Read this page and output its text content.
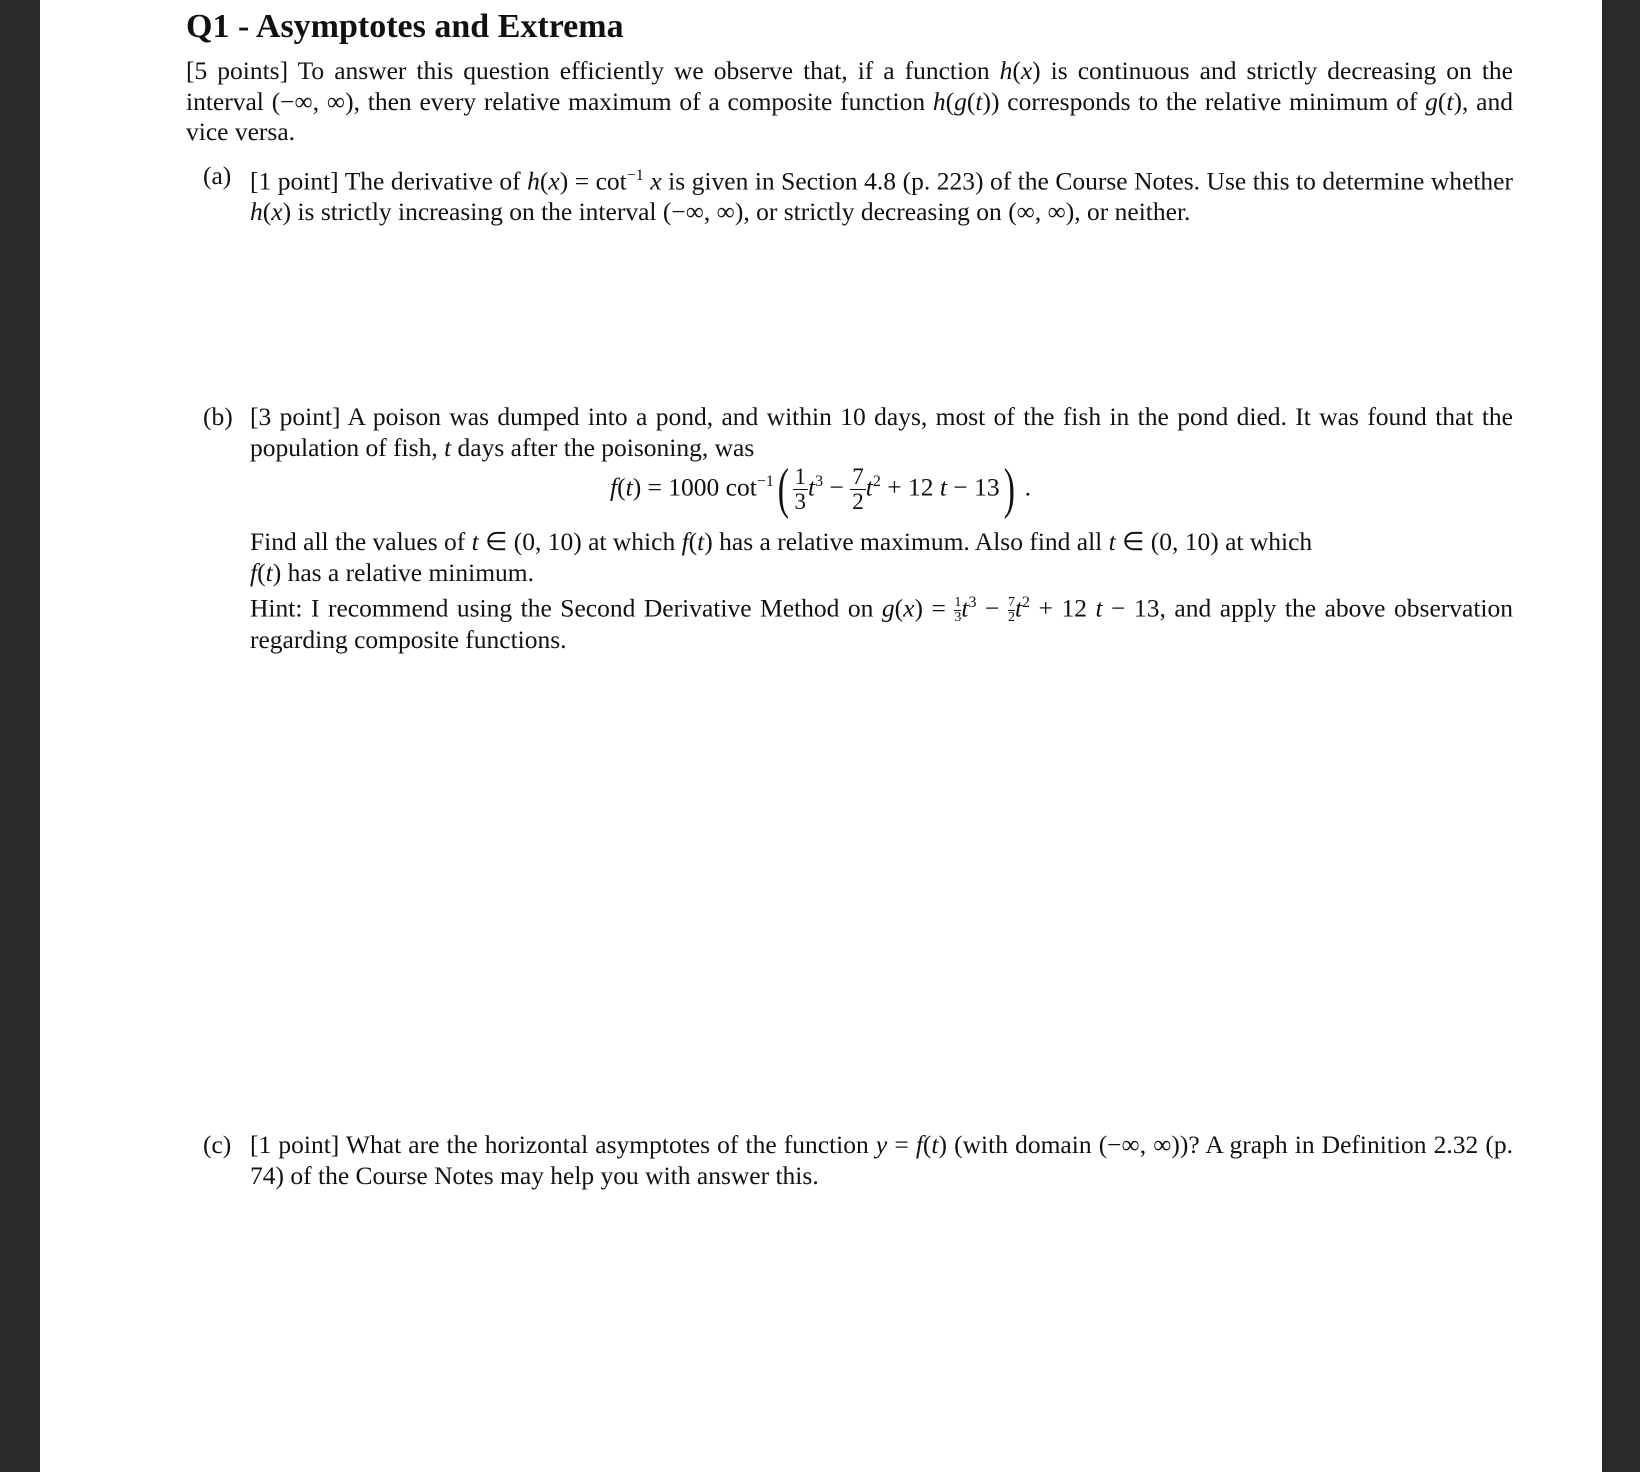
Q1 - Asymptotes and Extrema

[5 points] To answer this question efficiently we observe that, if a function h(x) is continuous and strictly decreasing on the interval (−∞, ∞), then every relative maximum of a composite function h(g(t)) corresponds to the relative minimum of g(t), and vice versa.

(a) [1 point] The derivative of $h(x) = \cot^{-1} x$ is given in Section 4.8 (p. 223) of the Course Notes. Use this to determine whether h(x) is strictly increasing on the interval (−∞, ∞), or strictly decreasing on (∞, ∞), or neither.

(b) [3 point] A poison was dumped into a pond, and within 10 days, most of the fish in the pond died. It was found that the population of fish, t days after the poisoning, was

f(t) = 1000 $\cot^{-1}( \frac{1}{3} t^3 - \frac{7}{2} t^2 + 12$ t − 13) .

Find all the values of t ∈ (0, 10) at which f(t) has a relative maximum. Also find all t ∈ (0, 10) at which
f(t) has a relative minimum.
Hint: I recommend using the Second Derivative Method on $g(x) = \frac{1}{3} t^3 - \frac{7}{2} t^2 + 12$ t − 13, and apply the above observation regarding composite functions.

(c) [1 point] What are the horizontal asymptotes of the function y = f(t) (with domain (−∞, ∞))? A graph in Definition 2.32 (p. 74) of the Course Notes may help you with answer this.
